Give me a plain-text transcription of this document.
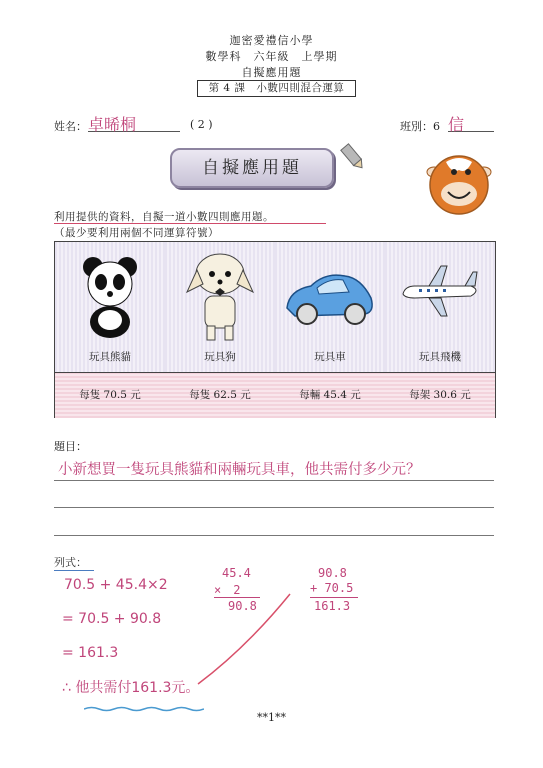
迦密愛禮信小學
數學科　六年級　上學期
自擬應用題
第 4 課　小數四則混合運算
姓名： 卓晞桐	( 2 )	班別：6 信
自擬應用題
利用提供的資料，自擬一道小數四則應用題。
（最少要利用兩個不同運算符號）
玩具熊貓
每隻 70.5 元
玩具狗
每隻 62.5 元
玩具車
每輛 45.4 元
玩具飛機
每架 30.6 元
題目：
小新想買一隻玩具熊貓和兩輛玩具車，他共需付多少元？
列式：
70.5 + 45.4×2
= 70.5 + 90.8
= 161.3
∴ 他共需付161.3元。
45.4
×　2
90.8
90.8
+ 70.5
161.3
**1**
